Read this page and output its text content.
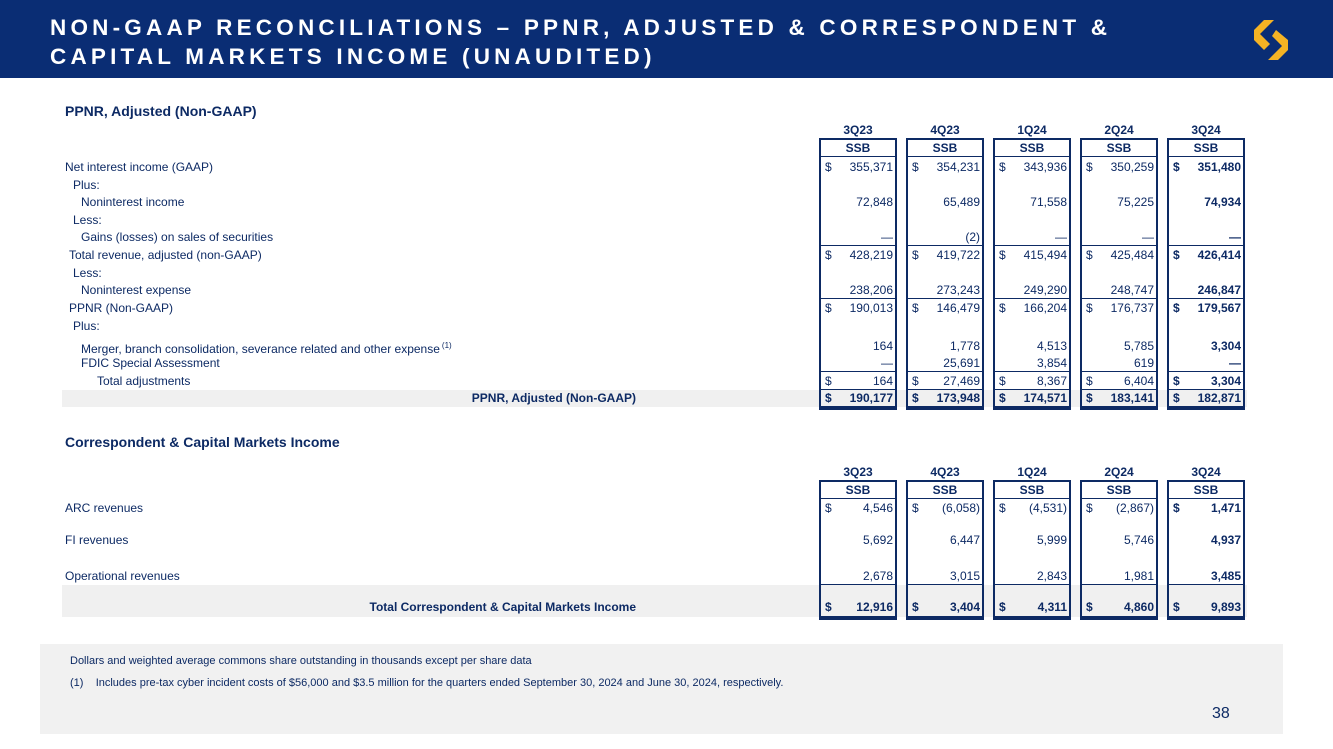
NON-GAAP RECONCILIATIONS – PPNR, ADJUSTED & CORRESPONDENT &
CAPITAL MARKETS INCOME (UNAUDITED)
PPNR, Adjusted (Non-GAAP)
3Q23	4Q23	1Q24	2Q24	3Q24
SSB	SSB	SSB	SSB	SSB
Net interest income (GAAP)	$ 355,371 $ 354,231 $ 343,936 $ 350,259 $ 351,480
Plus:
Noninterest income	72,848	65,489	71,558	75,225	74,934
Less:
Gains (losses) on sales of securities	—	(2)	—	—	—
Total revenue, adjusted (non-GAAP)	$ 428,219 $ 419,722 $ 415,494 $ 425,484 $ 426,414
Less:
Noninterest expense	238,206	273,243	249,290	248,747	246,847
PPNR (Non-GAAP)	$ 190,013 $ 146,479 $ 166,204 $ 176,737 $ 179,567
Plus:
Merger, branch consolidation, severance related and other expense $^{(1)}$	164	1,778	4,513	5,785	3,304
FDIC Special Assessment	—	25,691	3,854	619	—
Total adjustments	$	164 $ 27,469 $	8,367 $	6,404 $	3,304
PPNR, Adjusted (Non-GAAP)	$ 190,177 $ 173,948 $ 174,571 $ 183,141 $ 182,871
Correspondent & Capital Markets Income
3Q23	4Q23	1Q24	2Q24	3Q24
SSB	SSB	SSB	SSB	SSB
ARC revenues	$	4,546 $ (6,058) $ (4,531) $ (2,867) $	1,471
FI revenues	5,692	6,447	5,999	5,746	4,937
Operational revenues	2,678	3,015	2,843	1,981	3,485
Total Correspondent & Capital Markets Income	$ 12,916 $	3,404 $	4,311 $	4,860 $	9,893
Dollars and weighted average commons share outstanding in thousands except per share data
(1) Includes pre-tax cyber incident costs of $56,000 and $3.5 million for the quarters ended September 30, 2024 and June 30, 2024, respectively.
38
